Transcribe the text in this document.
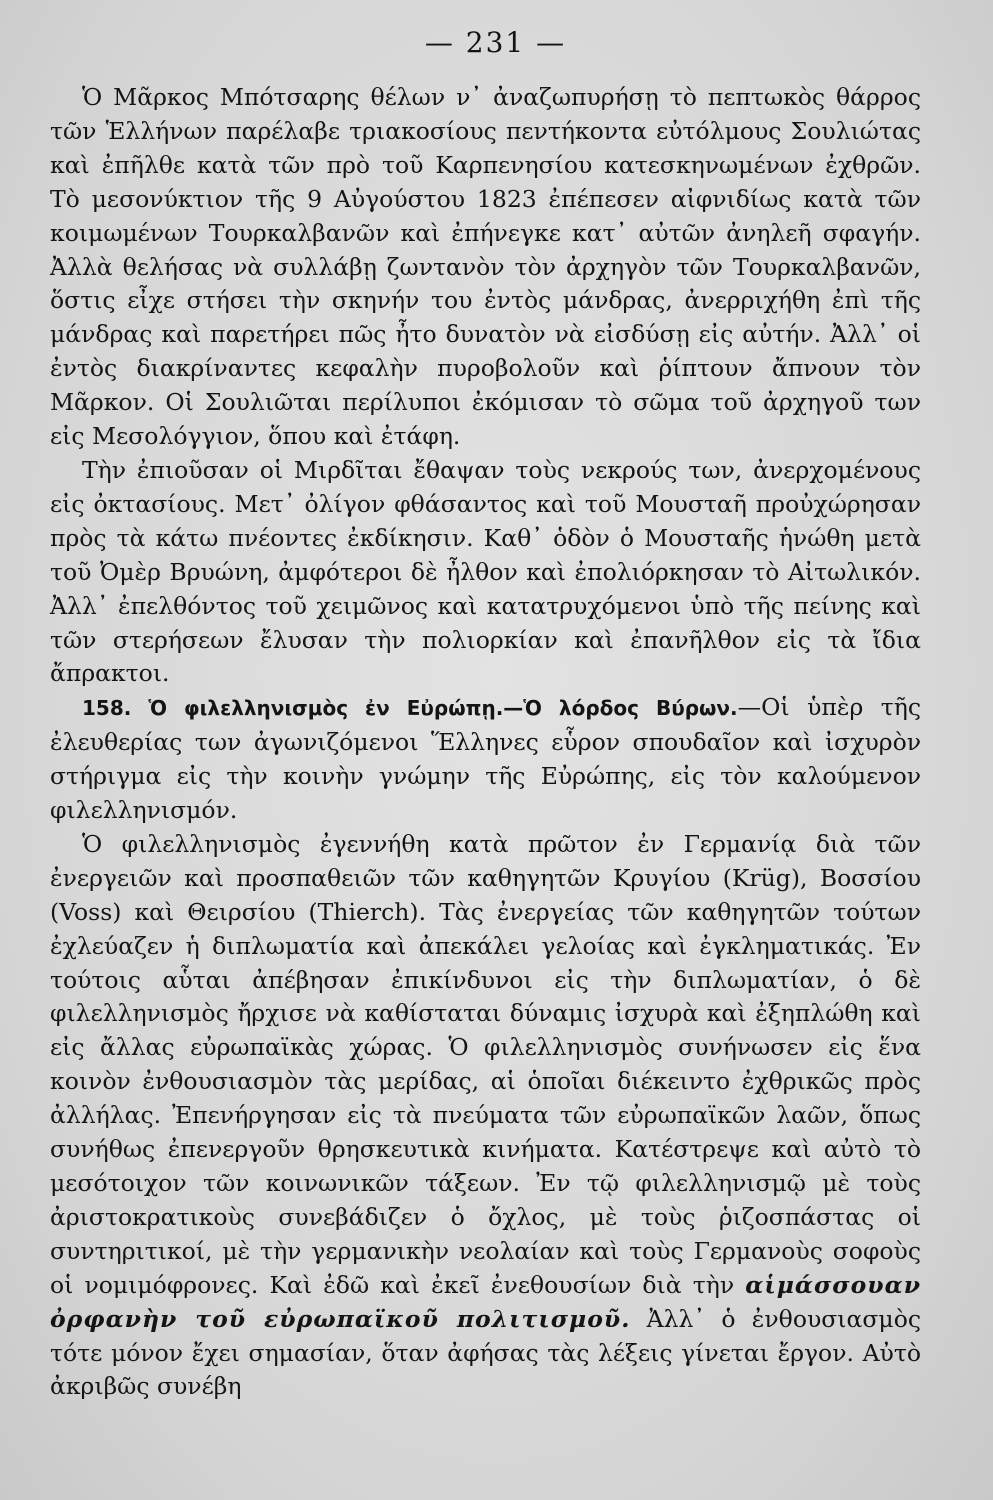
— 231 —

Ὁ Μᾶρκος Μπότσαρης θέλων ν᾿ ἀναζωπυρήσῃ τὸ πεπτωκὸς θάρρος τῶν Ἑλλήνων παρέλαβε τριακοσίους πεντήκοντα εὐτόλμους Σουλιώτας καὶ ἐπῆλθε κατὰ τῶν πρὸ τοῦ Καρπενησίου κατεσκηνωμένων ἐχθρῶν. Τὸ μεσονύκτιον τῆς 9 Αὐγούστου 1823 ἐπέπεσεν αἰφνιδίως κατὰ τῶν κοιμωμένων Τουρκαλβανῶν καὶ ἐπήνεγκε κατ᾿ αὐτῶν ἀνηλεῆ σφαγήν. Ἀλλὰ θελήσας νὰ συλλάβῃ ζωντανὸν τὸν ἀρχηγὸν τῶν Τουρκαλβανῶν, ὅστις εἶχε στήσει τὴν σκηνήν του ἐντὸς μάνδρας, ἀνερριχήθη ἐπὶ τῆς μάνδρας καὶ παρετήρει πῶς ἦτο δυνατὸν νὰ εἰσδύσῃ εἰς αὐτήν. Ἀλλ᾿ οἱ ἐντὸς διακρίναντες κεφαλὴν πυροβολοῦν καὶ ῥίπτουν ἄπνουν τὸν Μᾶρκον. Οἱ Σουλιῶται περίλυποι ἐκόμισαν τὸ σῶμα τοῦ ἀρχηγοῦ των εἰς Μεσολόγγιον, ὅπου καὶ ἐτάφη.

Τὴν ἐπιοῦσαν οἱ Μιρδῖται ἔθαψαν τοὺς νεκρούς των, ἀνερχομένους εἰς ὀκτασίους. Μετ᾿ ὀλίγον φθάσαντος καὶ τοῦ Μουσταῆ προὐχώρησαν πρὸς τὰ κάτω πνέοντες ἐκδίκησιν. Καθ᾿ ὁδὸν ὁ Μουσταῆς ἡνώθη μετὰ τοῦ Ὀμὲρ Βρυώνη, ἀμφότεροι δὲ ἦλθον καὶ ἐπολιόρκησαν τὸ Αἰτωλικόν. Ἀλλ᾿ ἐπελθόντος τοῦ χειμῶνος καὶ κατατρυχόμενοι ὑπὸ τῆς πείνης καὶ τῶν στερήσεων ἔλυσαν τὴν πολιορκίαν καὶ ἐπανῆλθον εἰς τὰ ἴδια ἄπρακτοι.

158. Ὁ φιλελληνισμὸς ἐν Εὐρώπῃ.—Ὁ λόρδος Βύρων.—Οἱ ὑπὲρ τῆς ἐλευθερίας των ἀγωνιζόμενοι Ἕλληνες εὗρον σπουδαῖον καὶ ἰσχυρὸν στήριγμα εἰς τὴν κοινὴν γνώμην τῆς Εὐρώπης, εἰς τὸν καλούμενον φιλελληνισμόν.

Ὁ φιλελληνισμὸς ἐγεννήθη κατὰ πρῶτον ἐν Γερμανίᾳ διὰ τῶν ἐνεργειῶν καὶ προσπαθειῶν τῶν καθηγητῶν Κρυγίου (Krüg), Βοσσίου (Voss) καὶ Θειρσίου (Thierch). Τὰς ἐνεργείας τῶν καθηγητῶν τούτων ἐχλεύαζεν ἡ διπλωματία καὶ ἀπεκάλει γελοίας καὶ ἐγκληματικάς. Ἐν τούτοις αὗται ἀπέβησαν ἐπικίνδυνοι εἰς τὴν διπλωματίαν, ὁ δὲ φιλελληνισμὸς ἤρχισε νὰ καθίσταται δύναμις ἰσχυρὰ καὶ ἐξηπλώθη καὶ εἰς ἄλλας εὐρωπαϊκὰς χώρας. Ὁ φιλελληνισμὸς συνήνωσεν εἰς ἕνα κοινὸν ἐνθουσιασμὸν τὰς μερίδας, αἱ ὁποῖαι διέκειντο ἐχθρικῶς πρὸς ἀλλήλας. Ἐπενήργησαν εἰς τὰ πνεύματα τῶν εὐρωπαϊκῶν λαῶν, ὅπως συνήθως ἐπενεργοῦν θρησκευτικὰ κινήματα. Κατέστρεψε καὶ αὐτὸ τὸ μεσότοιχον τῶν κοινωνικῶν τάξεων. Ἐν τῷ φιλελληνισμῷ μὲ τοὺς ἀριστοκρατικοὺς συνεβάδιζεν ὁ ὄχλος, μὲ τοὺς ῥιζοσπάστας οἱ συντηριτικοί, μὲ τὴν γερμανικὴν νεολαίαν καὶ τοὺς Γερμανοὺς σοφοὺς οἱ νομιμόφρονες. Καὶ ἐδῶ καὶ ἐκεῖ ἐνεθουσίων διὰ τὴν αἱμάσσουαν ὀρφανὴν τοῦ εὐρωπαϊκοῦ πολιτισμοῦ. Ἀλλ᾿ ὁ ἐνθουσιασμὸς τότε μόνον ἔχει σημασίαν, ὅταν ἀφήσας τὰς λέξεις γίνεται ἔργον. Αὐτὸ ἀκριβῶς συνέβη
